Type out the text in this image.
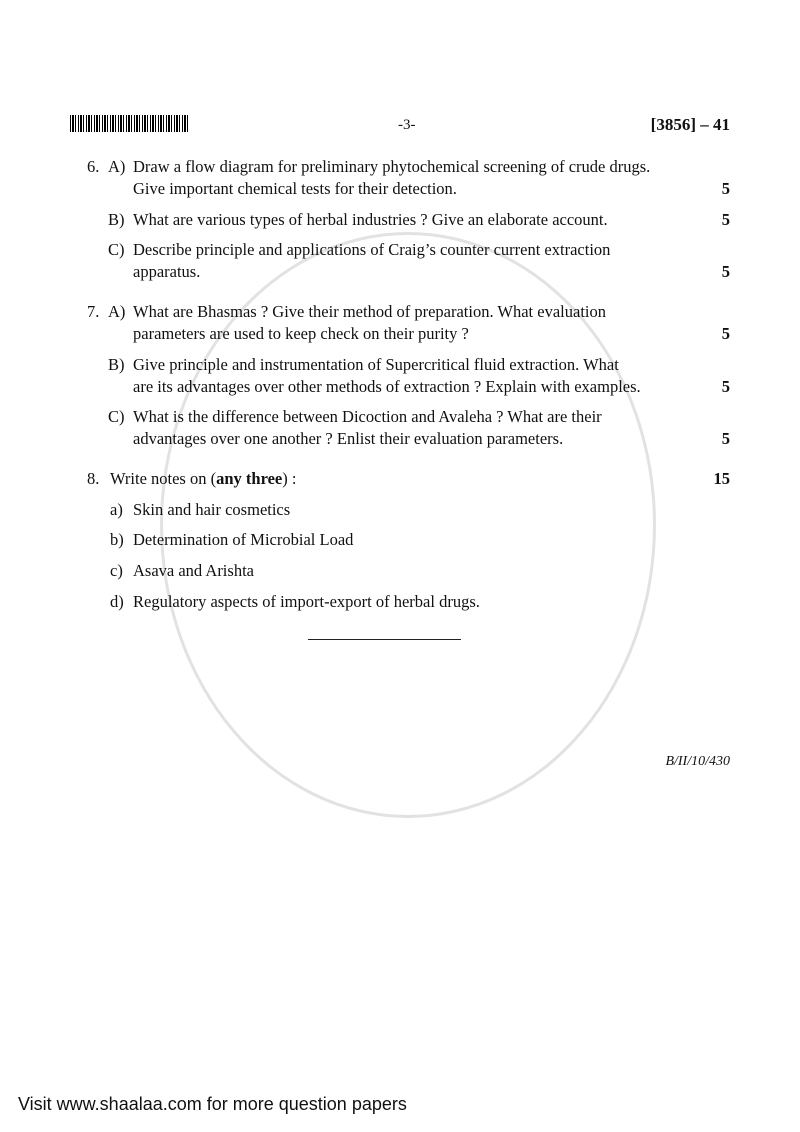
-3-	[3856] – 41
6. A) Draw a flow diagram for preliminary phytochemical screening of crude drugs.
Give important chemical tests for their detection.	5
B) What are various types of herbal industries ? Give an elaborate account.	5
C) Describe principle and applications of Craig’s counter current extraction
apparatus.	5
7. A) What are Bhasmas ? Give their method of preparation. What evaluation
parameters are used to keep check on their purity ?	5
B) Give principle and instrumentation of Supercritical fluid extraction. What
are its advantages over other methods of extraction ? Explain with examples.	5
C) What is the difference between Dicoction and Avaleha ? What are their
advantages over one another ? Enlist their evaluation parameters.	5
8. Write notes on (any three) :	15
a) Skin and hair cosmetics
b) Determination of Microbial Load
c) Asava and Arishta
d) Regulatory aspects of import-export of herbal drugs.
B/II/10/430
Visit www.shaalaa.com for more question papers
